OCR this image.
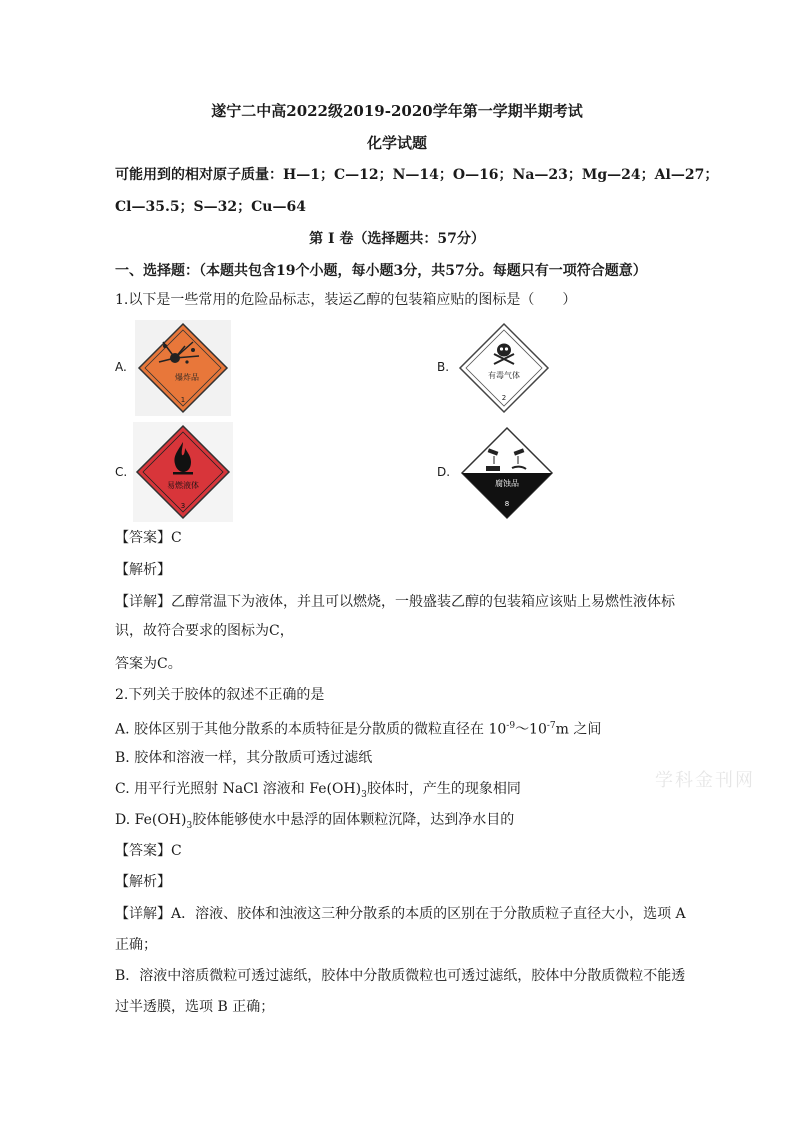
遂宁二中高2022级2019-2020学年第一学期半期考试
化学试题
可能用到的相对原子质量：H—1；C—12；N—14；O—16；Na—23；Mg—24；Al—27；
Cl—35.5；S—32；Cu—64
第 Ⅰ 卷（选择题共：57分）
一、选择题：（本题共包含19个小题，每小题3分，共57分。每题只有一项符合题意）
1.以下是一些常用的危险品标志，装运乙醇的包装箱应贴的图标是（　　）
A.
爆炸品
1
B.
有毒气体
2
C.
易燃液体
3
D.
腐蚀品
8
【答案】C
【解析】
【详解】乙醇常温下为液体，并且可以燃烧，一般盛装乙醇的包装箱应该贴上易燃性液体标
识，故符合要求的图标为C，
答案为C。
2.下列关于胶体的叙述不正确的是
A. 胶体区别于其他分散系的本质特征是分散质的微粒直径在 $10^{-9}\sim 10^{-7}m$ 之间
B. 胶体和溶液一样，其分散质可透过滤纸
C. 用平行光照射 NaCl 溶液和 $Fe(OH)_3$胶体时，产生的现象相同	学科金刊网
D. $Fe(OH)_3$胶体能够使水中悬浮的固体颗粒沉降，达到净水目的
【答案】C
【解析】
【详解】A．溶液、胶体和浊液这三种分散系的本质的区别在于分散质粒子直径大小，选项 A
正确；
B．溶液中溶质微粒可透过滤纸，胶体中分散质微粒也可透过滤纸，胶体中分散质微粒不能透
过半透膜，选项 B 正确；
